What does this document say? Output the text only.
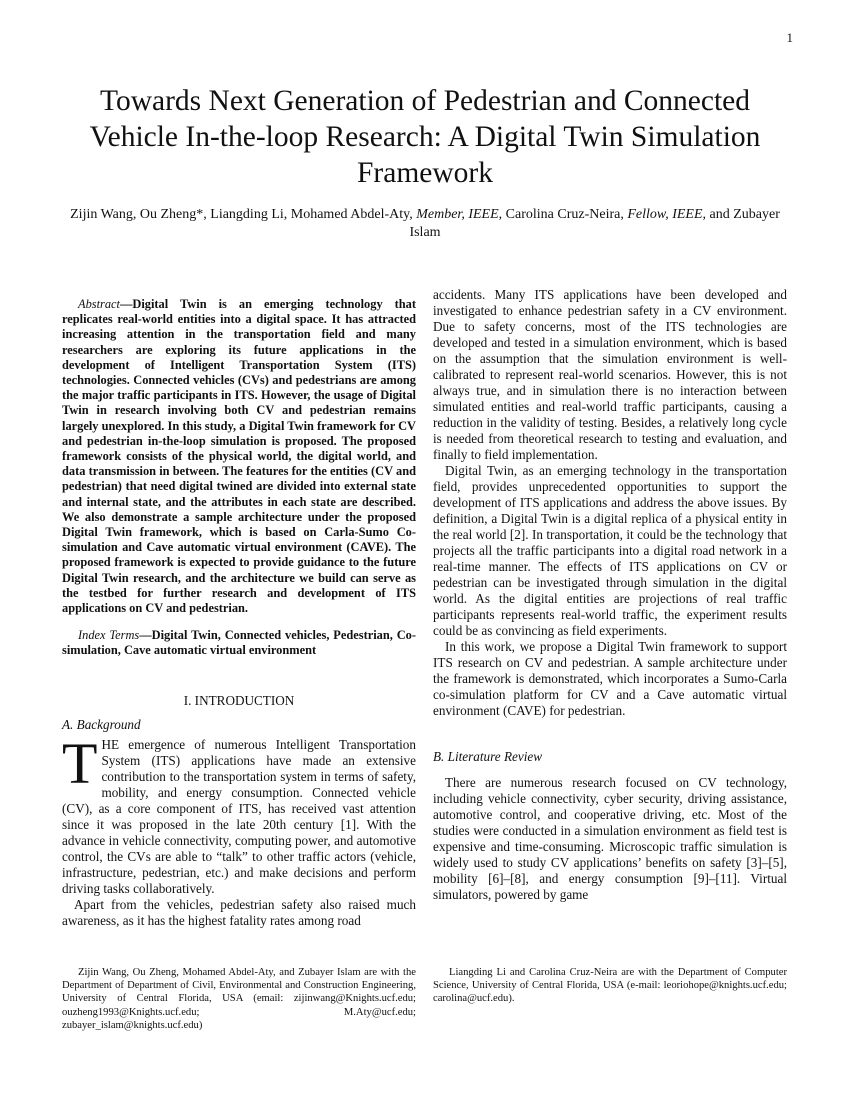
1
Towards Next Generation of Pedestrian and Connected Vehicle In-the-loop Research: A Digital Twin Simulation Framework
Zijin Wang, Ou Zheng*, Liangding Li, Mohamed Abdel-Aty, Member, IEEE, Carolina Cruz-Neira, Fellow, IEEE, and Zubayer Islam

Abstract—Digital Twin is an emerging technology that replicates real-world entities into a digital space. It has attracted increasing attention in the transportation field and many researchers are exploring its future applications in the development of Intelligent Transportation System (ITS) technologies. Connected vehicles (CVs) and pedestrians are among the major traffic participants in ITS. However, the usage of Digital Twin in research involving both CV and pedestrian remains largely unexplored. In this study, a Digital Twin framework for CV and pedestrian in-the-loop simulation is proposed. The proposed framework consists of the physical world, the digital world, and data transmission in between. The features for the entities (CV and pedestrian) that need digital twined are divided into external state and internal state, and the attributes in each state are described. We also demonstrate a sample architecture under the proposed Digital Twin framework, which is based on Carla-Sumo Co-simulation and Cave automatic virtual environment (CAVE). The proposed framework is expected to provide guidance to the future Digital Twin research, and the architecture we build can serve as the testbed for further research and development of ITS applications on CV and pedestrian.

Index Terms—Digital Twin, Connected vehicles, Pedestrian, Co-simulation, Cave automatic virtual environment

I. INTRODUCTION
A. Background

THE emergence of numerous Intelligent Transportation System (ITS) applications have made an extensive contribution to the transportation system in terms of safety, mobility, and energy consumption. Connected vehicle (CV), as a core component of ITS, has received vast attention since it was proposed in the late 20th century [1]. With the advance in vehicle connectivity, computing power, and automotive control, the CVs are able to “talk” to other traffic actors (vehicle, infrastructure, pedestrian, etc.) and make decisions and perform driving tasks collaboratively.

Apart from the vehicles, pedestrian safety also raised much awareness, as it has the highest fatality rates among road

accidents. Many ITS applications have been developed and investigated to enhance pedestrian safety in a CV environment. Due to safety concerns, most of the ITS technologies are developed and tested in a simulation environment, which is based on the assumption that the simulation environment is well-calibrated to represent real-world scenarios. However, this is not always true, and in simulation there is no interaction between simulated entities and real-world traffic participants, causing a reduction in the validity of testing. Besides, a relatively long cycle is needed from theoretical research to testing and evaluation, and finally to field implementation.

Digital Twin, as an emerging technology in the transportation field, provides unprecedented opportunities to support the development of ITS applications and address the above issues. By definition, a Digital Twin is a digital replica of a physical entity in the real world [2]. In transportation, it could be the technology that projects all the traffic participants into a digital road network in a real-time manner. The effects of ITS applications on CV or pedestrian can be investigated through simulation in the digital world. As the digital entities are projections of real traffic participants represents real-world traffic, the experiment results could be as convincing as field experiments.

In this work, we propose a Digital Twin framework to support ITS research on CV and pedestrian. A sample architecture under the framework is demonstrated, which incorporates a Sumo-Carla co-simulation platform for CV and a Cave automatic virtual environment (CAVE) for pedestrian.

B. Literature Review

There are numerous research focused on CV technology, including vehicle connectivity, cyber security, driving assistance, automotive control, and cooperative driving, etc. Most of the studies were conducted in a simulation environment as field test is expensive and time-consuming. Microscopic traffic simulation is widely used to study CV applications’ benefits on safety [3]–[5], mobility [6]–[8], and energy consumption [9]–[11]. Virtual simulators, powered by game

Zijin Wang, Ou Zheng, Mohamed Abdel-Aty, and Zubayer Islam are with the Department of Department of Civil, Environmental and Construction Engineering, University of Central Florida, USA (email: zijinwang@Knights.ucf.edu; ouzheng1993@Knights.ucf.edu; M.Aty@ucf.edu; zubayer_islam@knights.ucf.edu)
Liangding Li and Carolina Cruz-Neira are with the Department of Computer Science, University of Central Florida, USA (e-mail: leoriohope@knights.ucf.edu; carolina@ucf.edu).
